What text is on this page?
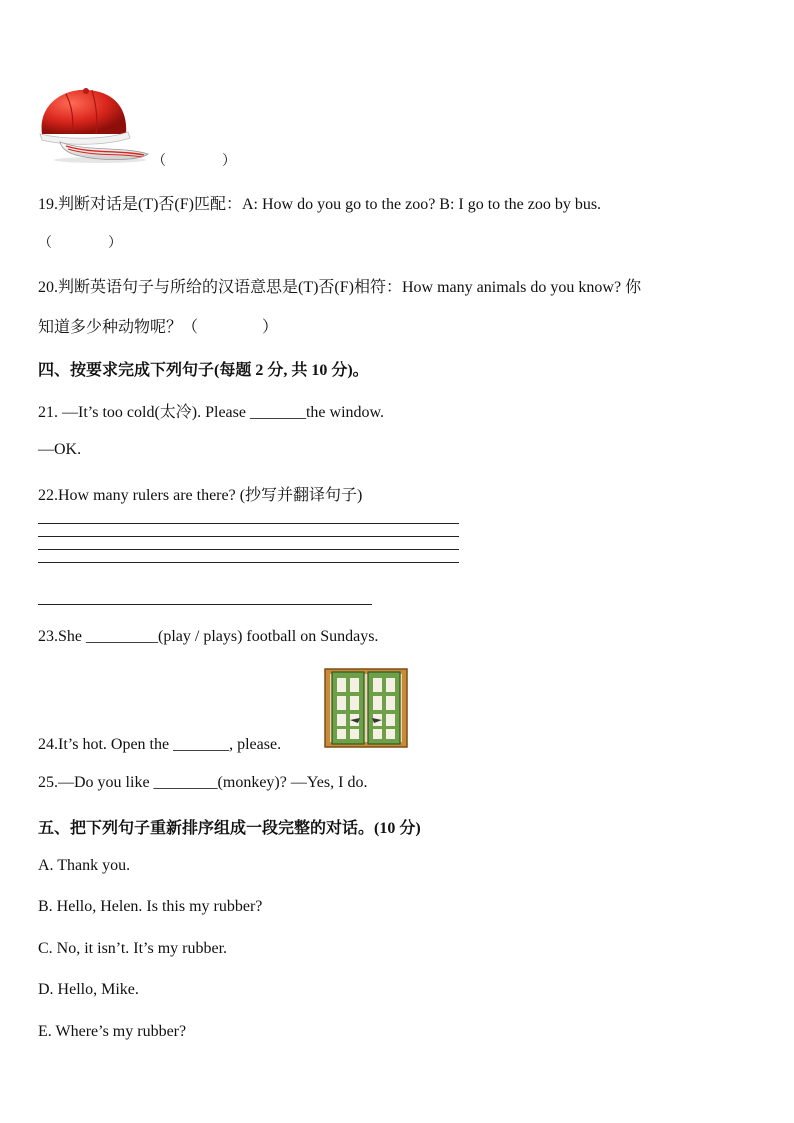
（　　　　）
19.判断对话是(T)否(F)匹配：A: How do you go to the zoo? B: I go to the zoo by bus.
（　　　　）
20.判断英语句子与所给的汉语意思是(T)否(F)相符：How many animals do you know? 你
知道多少种动物呢？（　　　　）
四、按要求完成下列句子(每题 2 分, 共 10 分)。
21. —It’s too cold(太冷). Please _______the window.
—OK.
22.How many rulers are there? (抄写并翻译句子)
23.She _________(play / plays) football on Sundays.
24.It’s hot. Open the _______, please.
25.—Do you like ________(monkey)? —Yes, I do.
五、把下列句子重新排序组成一段完整的对话。(10 分)
A. Thank you.
B. Hello, Helen. Is this my rubber?
C. No, it isn’t. It’s my rubber.
D. Hello, Mike.
E. Where’s my rubber?
